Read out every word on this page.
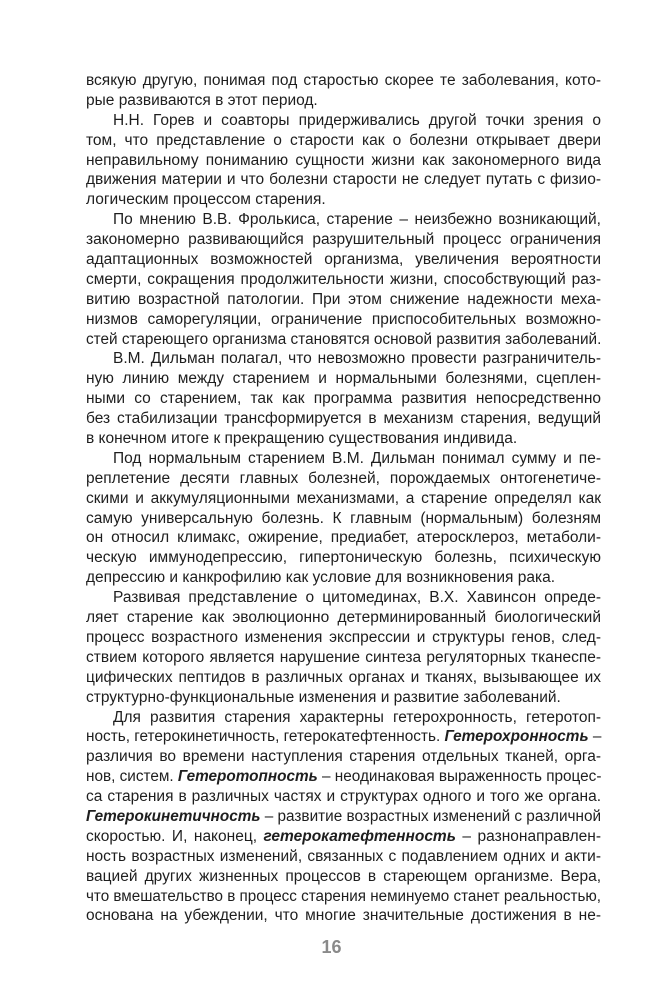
всякую другую, понимая под старостью скорее те заболевания, кото-
рые развиваются в этот период.
Н.Н. Горев и соавторы придерживались другой точки зрения о
том, что представление о старости как о болезни открывает двери
неправильному пониманию сущности жизни как закономерного вида
движения материи и что болезни старости не следует путать с физио-
логическим процессом старения.
По мнению В.В. Фролькиса, старение – неизбежно возникающий,
закономерно развивающийся разрушительный процесс ограничения
адаптационных возможностей организма, увеличения вероятности
смерти, сокращения продолжительности жизни, способствующий раз-
витию возрастной патологии. При этом снижение надежности меха-
низмов саморегуляции, ограничение приспособительных возможно-
стей стареющего организма становятся основой развития заболеваний.
В.М. Дильман полагал, что невозможно провести разграничитель-
ную линию между старением и нормальными болезнями, сцеплен-
ными со старением, так как программа развития непосредственно
без стабилизации трансформируется в механизм старения, ведущий
в конечном итоге к прекращению существования индивида.
Под нормальным старением В.М. Дильман понимал сумму и пе-
реплетение десяти главных болезней, порождаемых онтогенетиче-
скими и аккумуляционными механизмами, а старение определял как
самую универсальную болезнь. К главным (нормальным) болезням
он относил климакс, ожирение, предиабет, атеросклероз, метаболи-
ческую иммунодепрессию, гипертоническую болезнь, психическую
депрессию и канкрофилию как условие для возникновения рака.
Развивая представление о цитомединах, В.Х. Хавинсон опреде-
ляет старение как эволюционно детерминированный биологический
процесс возрастного изменения экспрессии и структуры генов, след-
ствием которого является нарушение синтеза регуляторных тканеспе-
цифических пептидов в различных органах и тканях, вызывающее их
структурно-функциональные изменения и развитие заболеваний.
Для развития старения характерны гетерохронность, гетеротоп-
ность, гетерокинетичность, гетерокатефтенность. Гетерохронность –
различия во времени наступления старения отдельных тканей, орга-
нов, систем. Гетеротопность – неодинаковая выраженность процес-
са старения в различных частях и структурах одного и того же органа.
Гетерокинетичность – развитие возрастных изменений с различной
скоростью. И, наконец, гетерокатефтенность – разнонаправлен-
ность возрастных изменений, связанных с подавлением одних и акти-
вацией других жизненных процессов в стареющем организме. Вера,
что вмешательство в процесс старения неминуемо станет реальностью,
основана на убеждении, что многие значительные достижения в не-
16
